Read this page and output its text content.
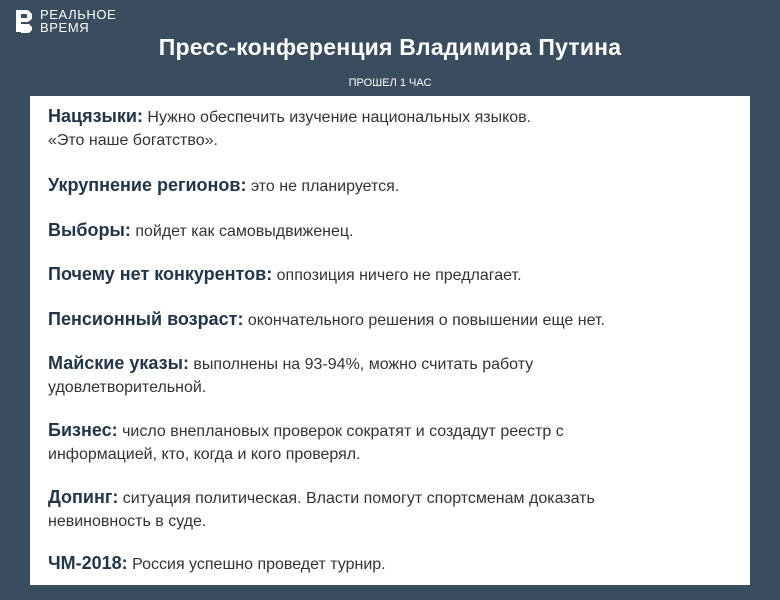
РЕАЛЬНОЕ
ВРЕМЯ
Пресс-конференция Владимира Путина
ПРОШЕЛ 1 ЧАС
Нацязыки: Нужно обеспечить изучение национальных языков.
«Это наше богатство».
Укрупнение регионов: это не планируется.
Выборы: пойдет как самовыдвиженец.
Почему нет конкурентов: оппозиция ничего не предлагает.
Пенсионный возраст: окончательного решения о повышении еще нет.
Майские указы: выполнены на 93-94%, можно считать работу
удовлетворительной.
Бизнес: число внеплановых проверок сократят и создадут реестр с
информацией, кто, когда и кого проверял.
Допинг: ситуация политическая. Власти помогут спортсменам доказать
невиновность в суде.
ЧМ-2018: Россия успешно проведет турнир.
